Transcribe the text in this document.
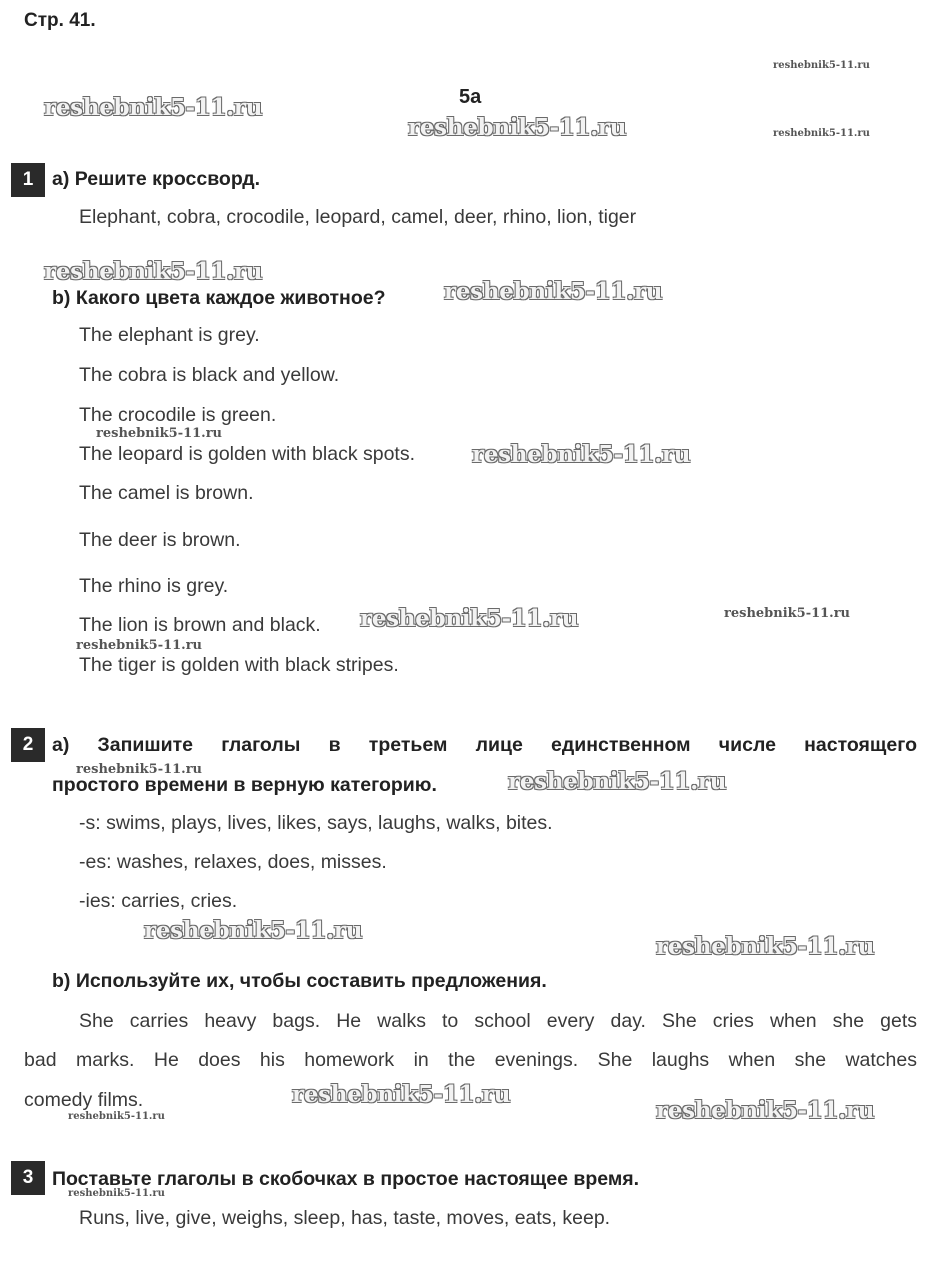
Стр. 41.
5a
reshebnik5-11.ru
reshebnik5-11.ru
reshebnik5-11.ru	reshebnik5-11.ru
1 a) Решите кроссворд.
Elephant, cobra, crocodile, leopard, camel, deer, rhino, lion, tiger
reshebnik5-11.ru
b) Какого цвета каждое животное?	reshebnik5-11.ru
The elephant is grey.
The cobra is black and yellow.
The crocodile is green.
reshebnik5-11.ru
The leopard is golden with black spots. reshebnik5-11.ru
The camel is brown.
The deer is brown.
The rhino is grey.
The lion is brown and black. reshebnik5-11.ru	reshebnik5-11.ru
reshebnik5-11.ru
The tiger is golden with black stripes.
2 a) Запишите глаголы в третьем лице единственном числе настоящего
reshebnik5-11.ru
простого времени в верную категорию.	reshebnik5-11.ru
-s: swims, plays, lives, likes, says, laughs, walks, bites.
-es: washes, relaxes, does, misses.
-ies: carries, cries.
reshebnik5-11.ru
reshebnik5-11.ru
b) Используйте их, чтобы составить предложения.
She carries heavy bags. He walks to school every day. She cries when she gets
bad marks. He does his homework in the evenings. She laughs when she watches
comedy films.	reshebnik5-11.ru
reshebnik5-11.ru	reshebnik5-11.ru
3 Поставьте глаголы в скобочках в простое настоящее время.
reshebnik5-11.ru
Runs, live, give, weighs, sleep, has, taste, moves, eats, keep.
